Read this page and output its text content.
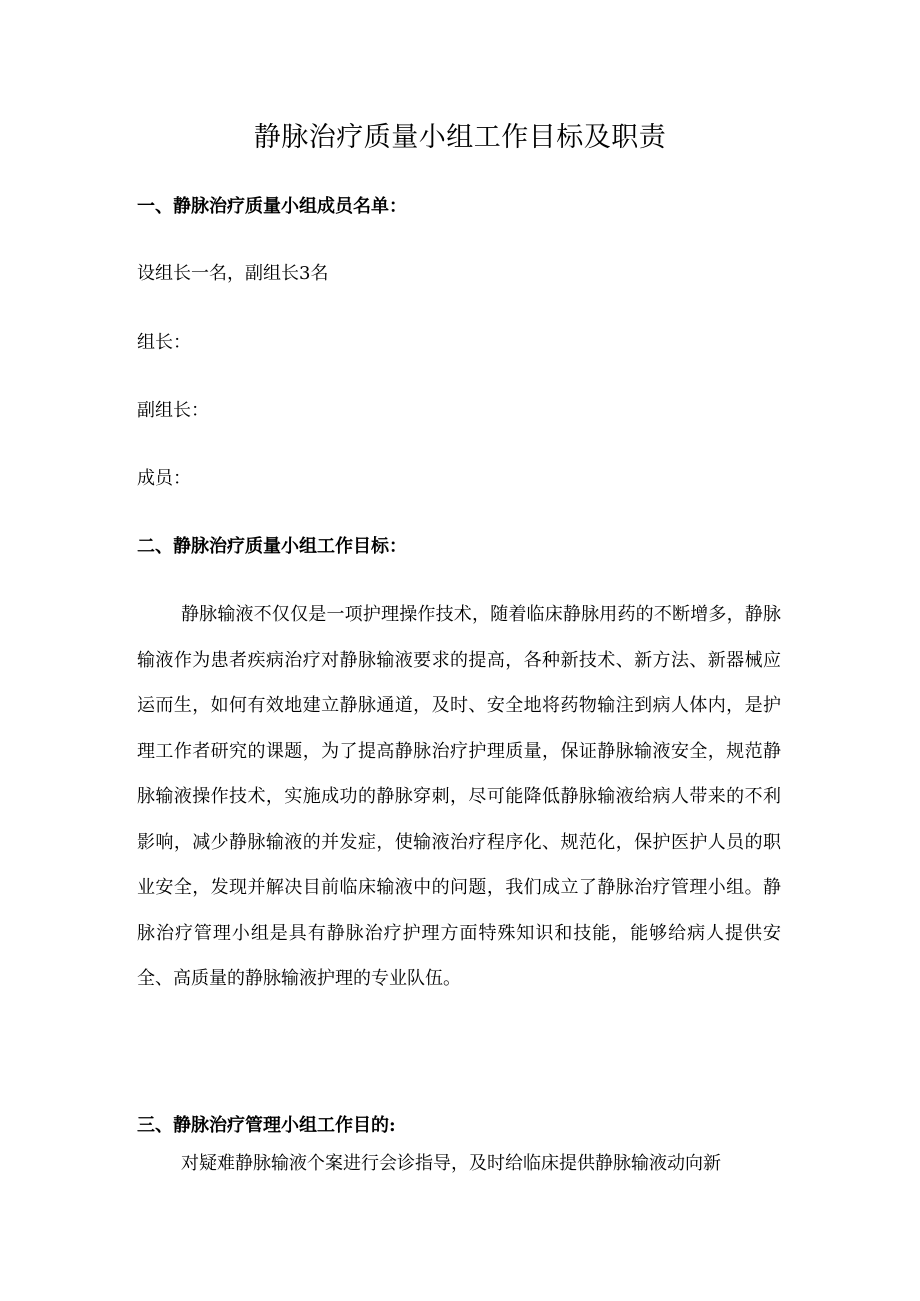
静脉治疗质量小组工作目标及职责
一、静脉治疗质量小组成员名单：
设组长一名，副组长3名
组长：
副组长：
成员：
二、静脉治疗质量小组工作目标：

静脉输液不仅仅是一项护理操作技术，随着临床静脉用药的不断增多，静脉输液作为患者疾病治疗对静脉输液要求的提高，各种新技术、新方法、新器械应运而生，如何有效地建立静脉通道，及时、安全地将药物输注到病人体内，是护理工作者研究的课题，为了提高静脉治疗护理质量，保证静脉输液安全，规范静脉输液操作技术，实施成功的静脉穿刺，尽可能降低静脉输液给病人带来的不利影响，减少静脉输液的并发症，使输液治疗程序化、规范化，保护医护人员的职业安全，发现并解决目前临床输液中的问题，我们成立了静脉治疗管理小组。静脉治疗管理小组是具有静脉治疗护理方面特殊知识和技能，能够给病人提供安全、高质量的静脉输液护理的专业队伍。

三、静脉治疗管理小组工作目的:

对疑难静脉输液个案进行会诊指导，及时给临床提供静脉输液动向新
